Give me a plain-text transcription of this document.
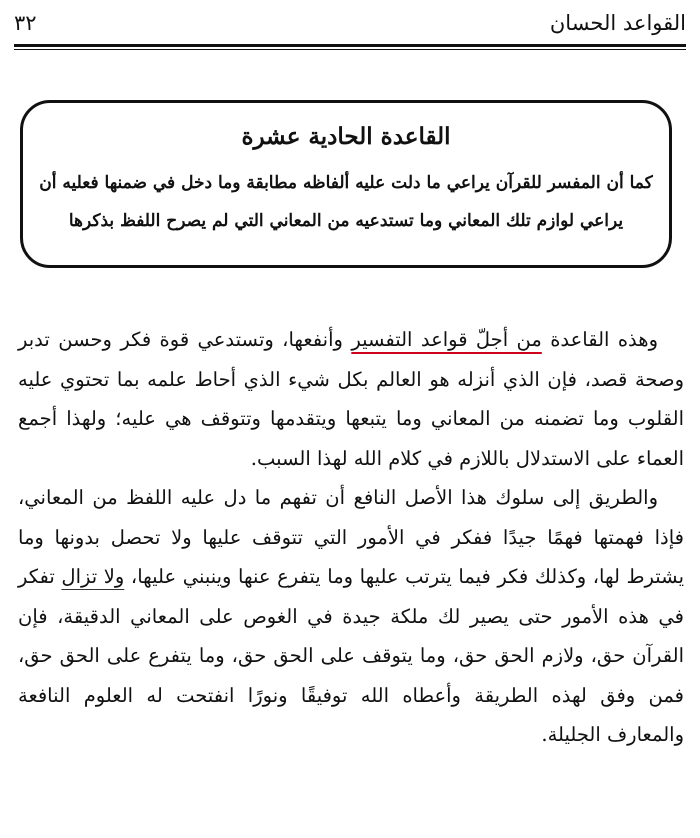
القواعد الحسان
٣٢
القاعدة الحادية عشرة
كما أن المفسر للقرآن يراعي ما دلت عليه ألفاظه مطابقة وما دخل في ضمنها فعليه أن
يراعي لوازم تلك المعاني وما تستدعيه من المعاني التي لم يصرح اللفظ بذكرها

وهذه القاعدة من أجلّ قواعد التفسير وأنفعها، وتستدعي قوة فكر وحسن تدبر وصحة قصد، فإن الذي أنزله هو العالم بكل شيء الذي أحاط علمه بما تحتوي عليه القلوب وما تضمنه من المعاني وما يتبعها ويتقدمها وتتوقف هي عليه؛ ولهذا أجمع العماء على الاستدلال باللازم في كلام الله لهذا السبب.

والطريق إلى سلوك هذا الأصل النافع أن تفهم ما دل عليه اللفظ من المعاني، فإذا فهمتها فهمًا جيدًا ففكر في الأمور التي تتوقف عليها ولا تحصل بدونها وما يشترط لها، وكذلك فكر فيما يترتب عليها وما يتفرع عنها وينبني عليها، ولا تزال تفكر في هذه الأمور حتى يصير لك ملكة جيدة في الغوص على المعاني الدقيقة، فإن القرآن حق، ولازم الحق حق، وما يتوقف على الحق حق، وما يتفرع على الحق حق، فمن وفق لهذه الطريقة وأعطاه الله توفيقًا ونورًا انفتحت له العلوم النافعة والمعارف الجليلة.
